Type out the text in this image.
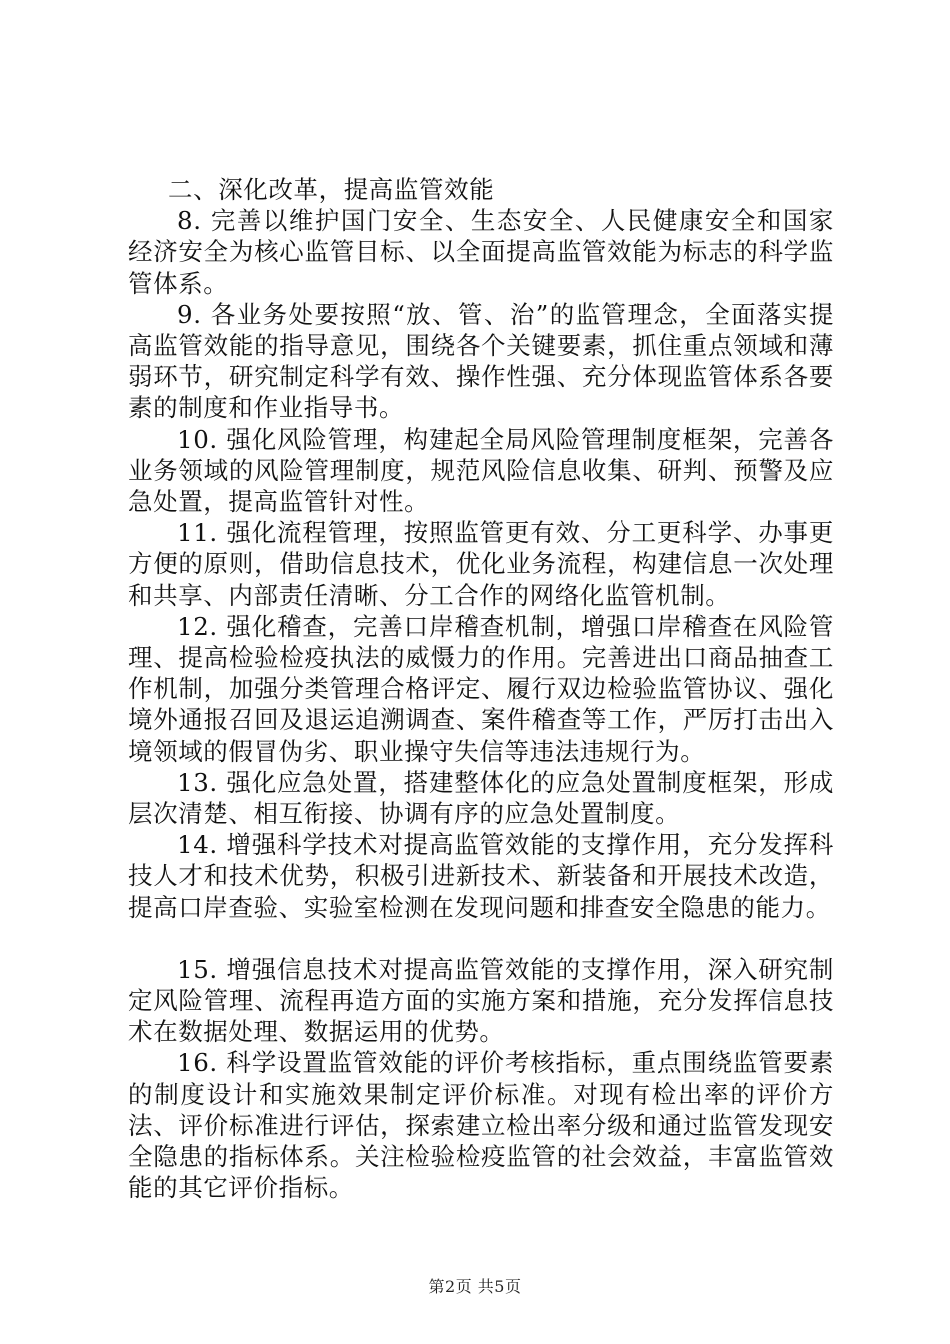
二、深化改革，提高监管效能

8. 完善以维护国门安全、生态安全、人民健康安全和国家经济安全为核心监管目标、以全面提高监管效能为标志的科学监管体系。

9. 各业务处要按照“放、管、治”的监管理念，全面落实提高监管效能的指导意见，围绕各个关键要素，抓住重点领域和薄弱环节，研究制定科学有效、操作性强、充分体现监管体系各要素的制度和作业指导书。

10. 强化风险管理，构建起全局风险管理制度框架，完善各业务领域的风险管理制度，规范风险信息收集、研判、预警及应急处置，提高监管针对性。

11. 强化流程管理，按照监管更有效、分工更科学、办事更方便的原则，借助信息技术，优化业务流程，构建信息一次处理和共享、内部责任清晰、分工合作的网络化监管机制。

12. 强化稽查，完善口岸稽查机制，增强口岸稽查在风险管理、提高检验检疫执法的威慑力的作用。完善进出口商品抽查工作机制，加强分类管理合格评定、履行双边检验监管协议、强化境外通报召回及退运追溯调查、案件稽查等工作，严厉打击出入境领域的假冒伪劣、职业操守失信等违法违规行为。

13. 强化应急处置，搭建整体化的应急处置制度框架，形成层次清楚、相互衔接、协调有序的应急处置制度。

14. 增强科学技术对提高监管效能的支撑作用，充分发挥科技人才和技术优势，积极引进新技术、新装备和开展技术改造，提高口岸查验、实验室检测在发现问题和排查安全隐患的能力。

15. 增强信息技术对提高监管效能的支撑作用，深入研究制定风险管理、流程再造方面的实施方案和措施，充分发挥信息技术在数据处理、数据运用的优势。

16. 科学设置监管效能的评价考核指标，重点围绕监管要素的制度设计和实施效果制定评价标准。对现有检出率的评价方法、评价标准进行评估，探索建立检出率分级和通过监管发现安全隐患的指标体系。关注检验检疫监管的社会效益，丰富监管效能的其它评价指标。

第2页 共5页
